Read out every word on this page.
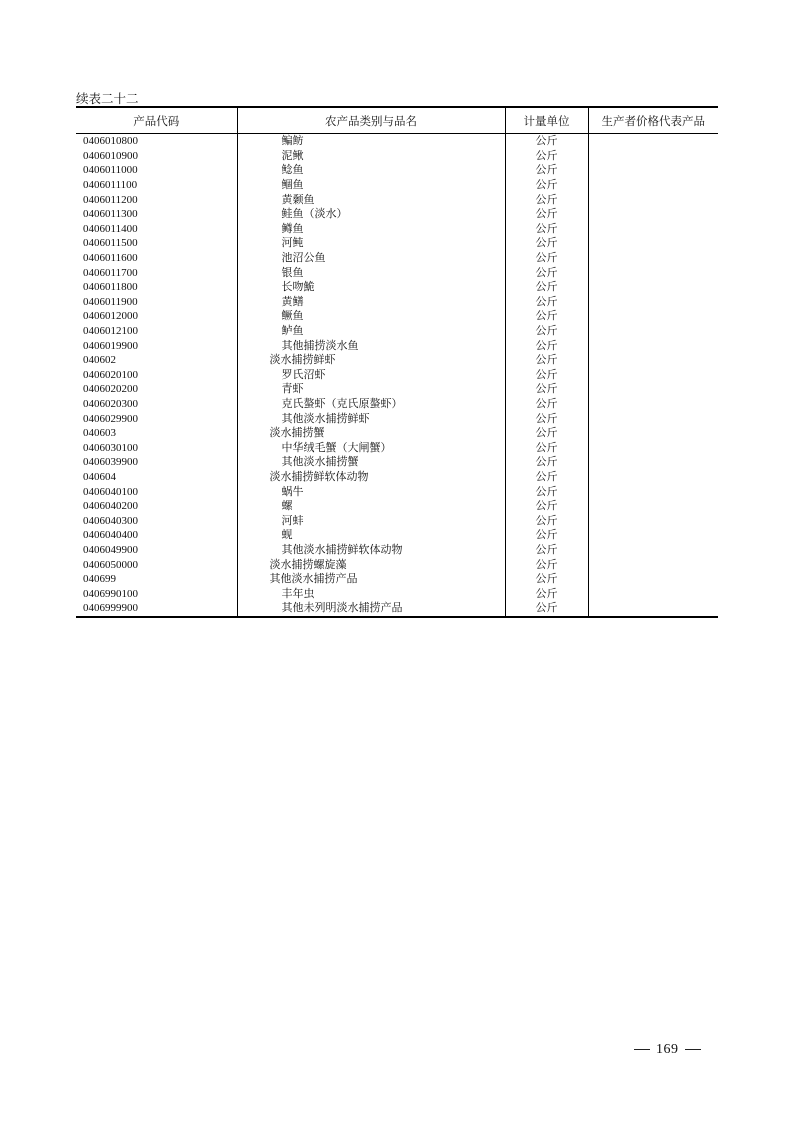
续表二十二
产品代码	农产品类别与品名	计量单位	生产者价格代表产品
0406010800	鳊鲂	公斤	
0406010900	泥鳅	公斤	
0406011000	鲶鱼	公斤	
0406011100	鲴鱼	公斤	
0406011200	黄颡鱼	公斤	
0406011300	鲑鱼（淡水）	公斤	
0406011400	鳟鱼	公斤	
0406011500	河鲀	公斤	
0406011600	池沼公鱼	公斤	
0406011700	银鱼	公斤	
0406011800	长吻鮠	公斤	
0406011900	黄鳝	公斤	
0406012000	鳜鱼	公斤	
0406012100	鲈鱼	公斤	
0406019900	其他捕捞淡水鱼	公斤	
040602	淡水捕捞鲜虾	公斤	
0406020100	罗氏沼虾	公斤	
0406020200	青虾	公斤	
0406020300	克氏螯虾（克氏原螯虾）	公斤	
0406029900	其他淡水捕捞鲜虾	公斤	
040603	淡水捕捞蟹	公斤	
0406030100	中华绒毛蟹（大闸蟹）	公斤	
0406039900	其他淡水捕捞蟹	公斤	
040604	淡水捕捞鲜软体动物	公斤	
0406040100	蜗牛	公斤	
0406040200	螺	公斤	
0406040300	河蚌	公斤	
0406040400	蚬	公斤	
0406049900	其他淡水捕捞鲜软体动物	公斤	
0406050000	淡水捕捞螺旋藻	公斤	
040699	其他淡水捕捞产品	公斤	
0406990100	丰年虫	公斤	
0406999900	其他未列明淡水捕捞产品	公斤	
169
